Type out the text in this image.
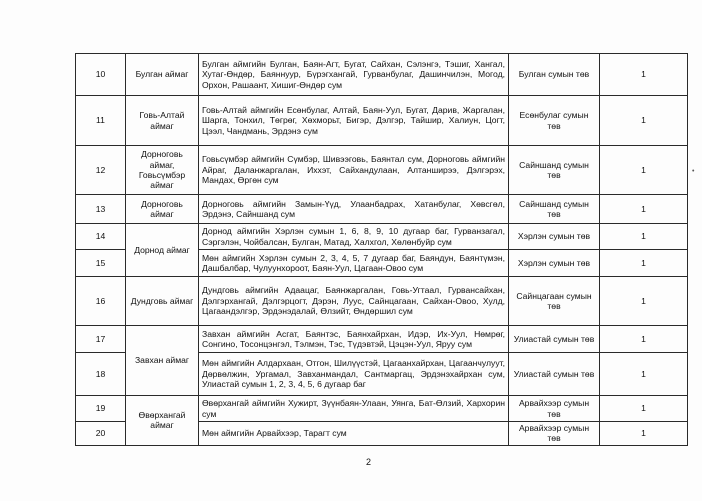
10	Булган аймаг	Булган аймгийн Булган, Баян-Агт, Бугат, Сайхан, Сэлэнгэ, Тэшиг, Хангал, Хутаг-Өндөр, Баяннуур, Бүрэгхангай, Гурванбулаг, Дашинчилэн, Могод, Орхон, Рашаант, Хишиг-Өндөр сум	Булган сумын төв	1
11	Говь-Алтай аймаг	Говь-Алтай аймгийн Есөнбулаг, Алтай, Баян-Уул, Бугат, Дарив, Жаргалан, Шарга, Тонхил, Төгрөг, Хөхморьт, Бигэр, Дэлгэр, Тайшир, Халиун, Цогт, Цээл, Чандмань, Эрдэнэ сум	Есөнбулаг сумын төв	1
12	Дорноговь аймаг, Говьсүмбэр аймаг	Говьсүмбэр аймгийн Сүмбэр, Шивээговь, Баянтал сум, Дорноговь аймгийн Айраг, Даланжаргалан, Иххэт, Сайхандулаан, Алтанширээ, Дэлгэрэх, Мандах, Өргөн сум	Сайншанд сумын төв	1
13	Дорноговь аймаг	Дорноговь аймгийн Замын-Үүд, Улаанбадрах, Хатанбулаг, Хөвсгөл, Эрдэнэ, Сайншанд сум	Сайншанд сумын төв	1
14	Дорнод аймаг	Дорнод аймгийн Хэрлэн сумын 1, 6, 8, 9, 10 дугаар баг, Гурванзагал, Сэргэлэн, Чойбалсан, Булган, Матад, Халхгол, Хөлөнбуйр сум	Хэрлэн сумын төв	1
15		Мөн аймгийн Хэрлэн сумын 2, 3, 4, 5, 7 дугаар баг, Баяндун, Баянтүмэн, Дашбалбар, Чулуунхороот, Баян-Уул, Цагаан-Овоо сум	Хэрлэн сумын төв	1
16	Дундговь аймаг	Дундговь аймгийн Адаацаг, Баянжаргалан, Говь-Угтаал, Гурвансайхан, Дэлгэрхангай, Дэлгэрцогт, Дэрэн, Луус, Сайнцагаан, Сайхан-Овоо, Хулд, Цагаандэлгэр, Эрдэнэдалай, Өлзийт, Өндөршил сум	Сайнцагаан сумын төв	1
17	Завхан аймаг	Завхан аймгийн Асгат, Баянтэс, Баянхайрхан, Идэр, Их-Уул, Нөмрөг, Сонгино, Тосонцэнгэл, Тэлмэн, Тэс, Түдэвтэй, Цэцэн-Уул, Яруу сум	Улиастай сумын төв	1
18		Мөн аймгийн Алдархаан, Отгон, Шилүүстэй, Цагаанхайрхан, Цагаанчулуут, Дөрвөлжин, Ургамал, Завханмандал, Сантмаргац, Эрдэнэхайрхан сум, Улиастай сумын 1, 2, 3, 4, 5, 6 дугаар баг	Улиастай сумын төв	1
19	Өвөрхангай аймаг	Өвөрхангай аймгийн Хужирт, Зүүнбаян-Улаан, Уянга, Бат-Өлзий, Хархорин сум	Арвайхээр сумын төв	1
20		Мөн аймгийн Арвайхээр, Тарагт сум	Арвайхээр сумын төв	1
2
•
